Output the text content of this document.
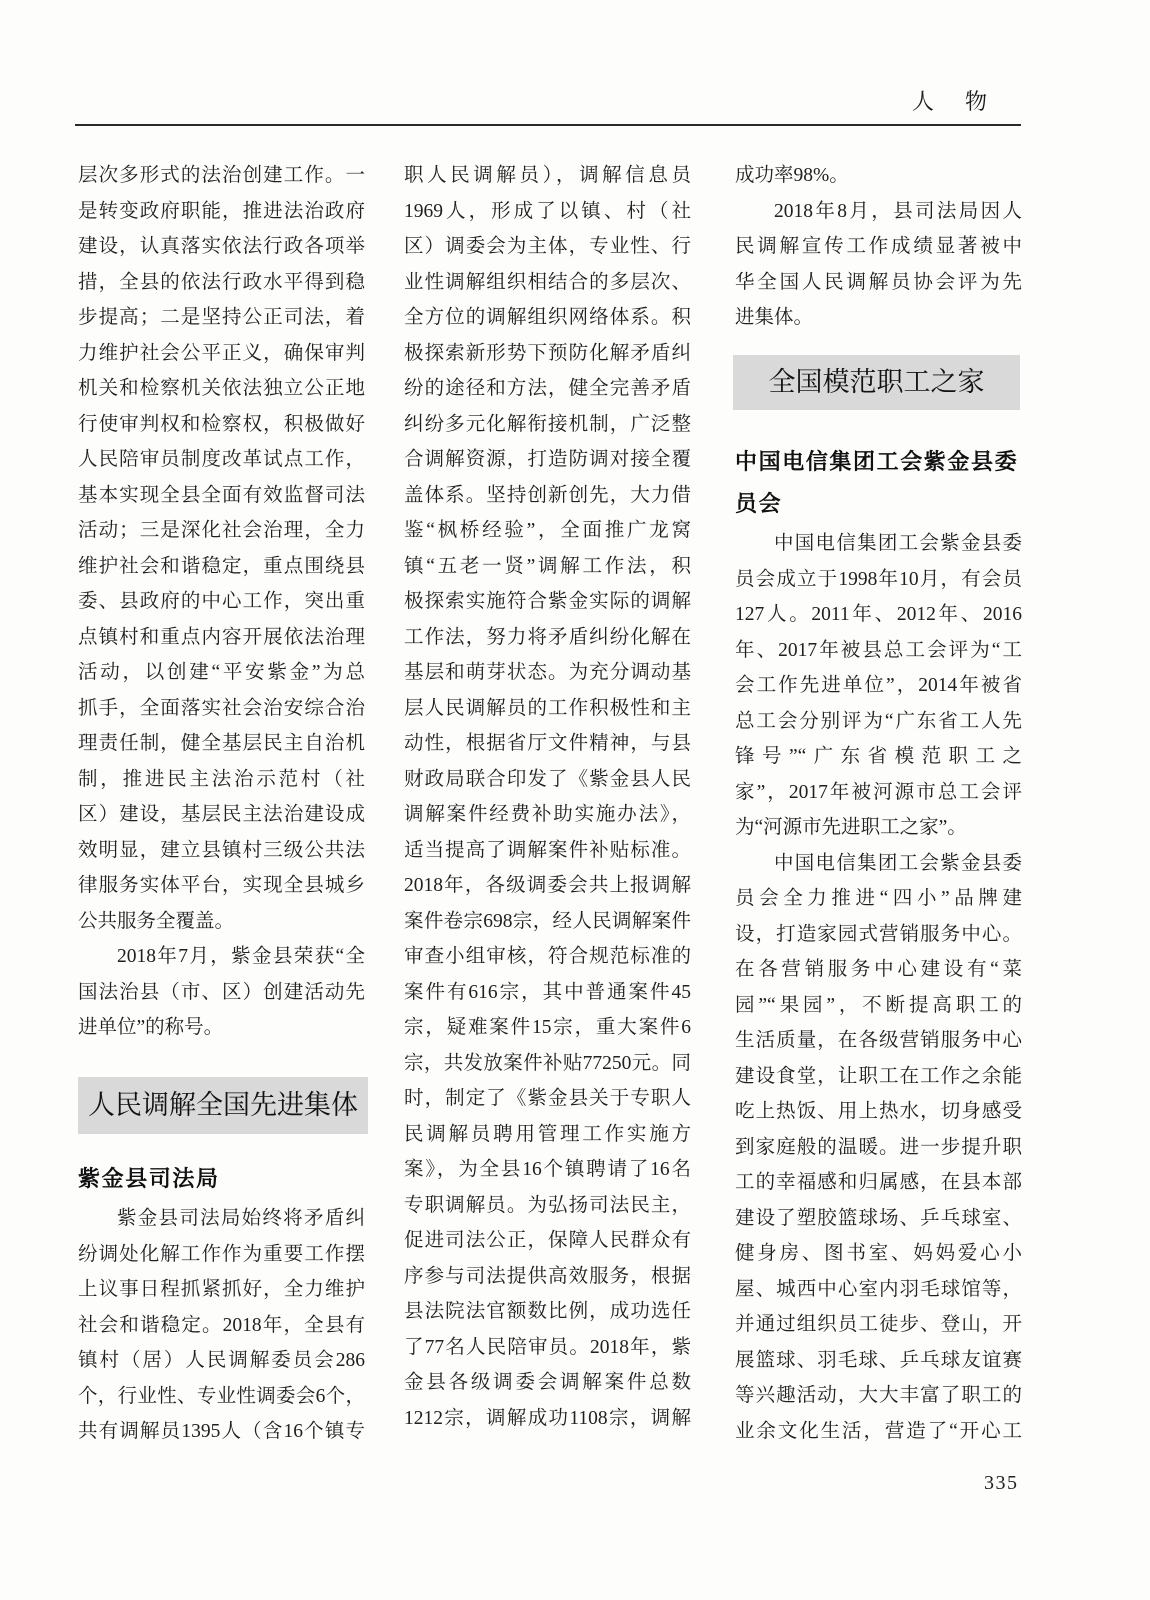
人物
层次多形式的法治创建工作。一
是转变政府职能，推进法治政府
建设，认真落实依法行政各项举
措，全县的依法行政水平得到稳
步提高；二是坚持公正司法，着
力维护社会公平正义，确保审判
机关和检察机关依法独立公正地
行使审判权和检察权，积极做好
人民陪审员制度改革试点工作，
基本实现全县全面有效监督司法
活动；三是深化社会治理，全力
维护社会和谐稳定，重点围绕县
委、县政府的中心工作，突出重
点镇村和重点内容开展依法治理
活动，以创建“平安紫金”为总
抓手，全面落实社会治安综合治
理责任制，健全基层民主自治机
制，推进民主法治示范村（社
区）建设，基层民主法治建设成
效明显，建立县镇村三级公共法
律服务实体平台，实现全县城乡
公共服务全覆盖。
2018年7月，紫金县荣获“全
国法治县（市、区）创建活动先
进单位”的称号。
人民调解全国先进集体
紫金县司法局
紫金县司法局始终将矛盾纠
纷调处化解工作作为重要工作摆
上议事日程抓紧抓好，全力维护
社会和谐稳定。2018年，全县有
镇村（居）人民调解委员会286
个，行业性、专业性调委会6个，
共有调解员1395人（含16个镇专
职人民调解员），调解信息员
1969人，形成了以镇、村（社
区）调委会为主体，专业性、行
业性调解组织相结合的多层次、
全方位的调解组织网络体系。积
极探索新形势下预防化解矛盾纠
纷的途径和方法，健全完善矛盾
纠纷多元化解衔接机制，广泛整
合调解资源，打造防调对接全覆
盖体系。坚持创新创先，大力借
鉴“枫桥经验”，全面推广龙窝
镇“五老一贤”调解工作法，积
极探索实施符合紫金实际的调解
工作法，努力将矛盾纠纷化解在
基层和萌芽状态。为充分调动基
层人民调解员的工作积极性和主
动性，根据省厅文件精神，与县
财政局联合印发了《紫金县人民
调解案件经费补助实施办法》，
适当提高了调解案件补贴标准。
2018年，各级调委会共上报调解
案件卷宗698宗，经人民调解案件
审查小组审核，符合规范标准的
案件有616宗，其中普通案件45
宗，疑难案件15宗，重大案件6
宗，共发放案件补贴77250元。同
时，制定了《紫金县关于专职人
民调解员聘用管理工作实施方
案》，为全县16个镇聘请了16名
专职调解员。为弘扬司法民主，
促进司法公正，保障人民群众有
序参与司法提供高效服务，根据
县法院法官额数比例，成功选任
了77名人民陪审员。2018年，紫
金县各级调委会调解案件总数
1212宗，调解成功1108宗，调解
成功率98%。
2018年8月，县司法局因人
民调解宣传工作成绩显著被中
华全国人民调解员协会评为先
进集体。
全国模范职工之家
中国电信集团工会紫金县委员会
中国电信集团工会紫金县委
员会成立于1998年10月，有会员
127人。2011年、2012年、2016
年、2017年被县总工会评为“工
会工作先进单位”，2014年被省
总工会分别评为“广东省工人先
锋号”“广东省模范职工之
家”，2017年被河源市总工会评
为“河源市先进职工之家”。
中国电信集团工会紫金县委
员会全力推进“四小”品牌建
设，打造家园式营销服务中心。
在各营销服务中心建设有“菜
园”“果园”，不断提高职工的
生活质量，在各级营销服务中心
建设食堂，让职工在工作之余能
吃上热饭、用上热水，切身感受
到家庭般的温暖。进一步提升职
工的幸福感和归属感，在县本部
建设了塑胶篮球场、乒乓球室、
健身房、图书室、妈妈爱心小
屋、城西中心室内羽毛球馆等，
并通过组织员工徒步、登山，开
展篮球、羽毛球、乒乓球友谊赛
等兴趣活动，大大丰富了职工的
业余文化生活，营造了“开心工
335
